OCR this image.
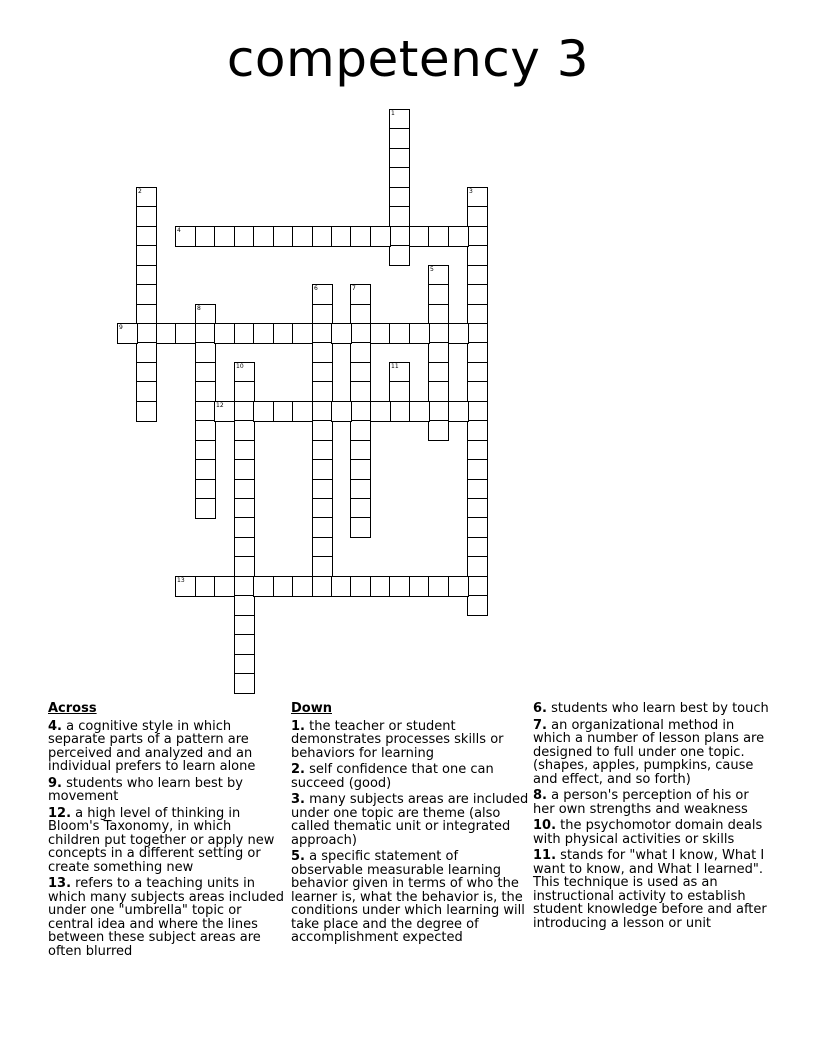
competency 3
1
2	3
4
5
6	7
8
9
10	11
12
13
Across
4. a cognitive style in which separate parts of a pattern are perceived and analyzed and an individual prefers to learn alone
9. students who learn best by movement
12. a high level of thinking in Bloom's Taxonomy, in which children put together or apply new concepts in a different setting or create something new
13. refers to a teaching units in which many subjects areas included under one "umbrella" topic or central idea and where the lines between these subject areas are often blurred
Down
1. the teacher or student demonstrates processes skills or behaviors for learning
2. self confidence that one can succeed (good)
3. many subjects areas are included under one topic are theme (also called thematic unit or integrated approach)
5. a specific statement of observable measurable learning behavior given in terms of who the learner is, what the behavior is, the conditions under which learning will take place and the degree of accomplishment expected
6. students who learn best by touch
7. an organizational method in which a number of lesson plans are designed to full under one topic. (shapes, apples, pumpkins, cause and effect, and so forth)
8. a person's perception of his or her own strengths and weakness
10. the psychomotor domain deals with physical activities or skills
11. stands for "what I know, What I want to know, and What I learned". This technique is used as an instructional activity to establish student knowledge before and after introducing a lesson or unit
